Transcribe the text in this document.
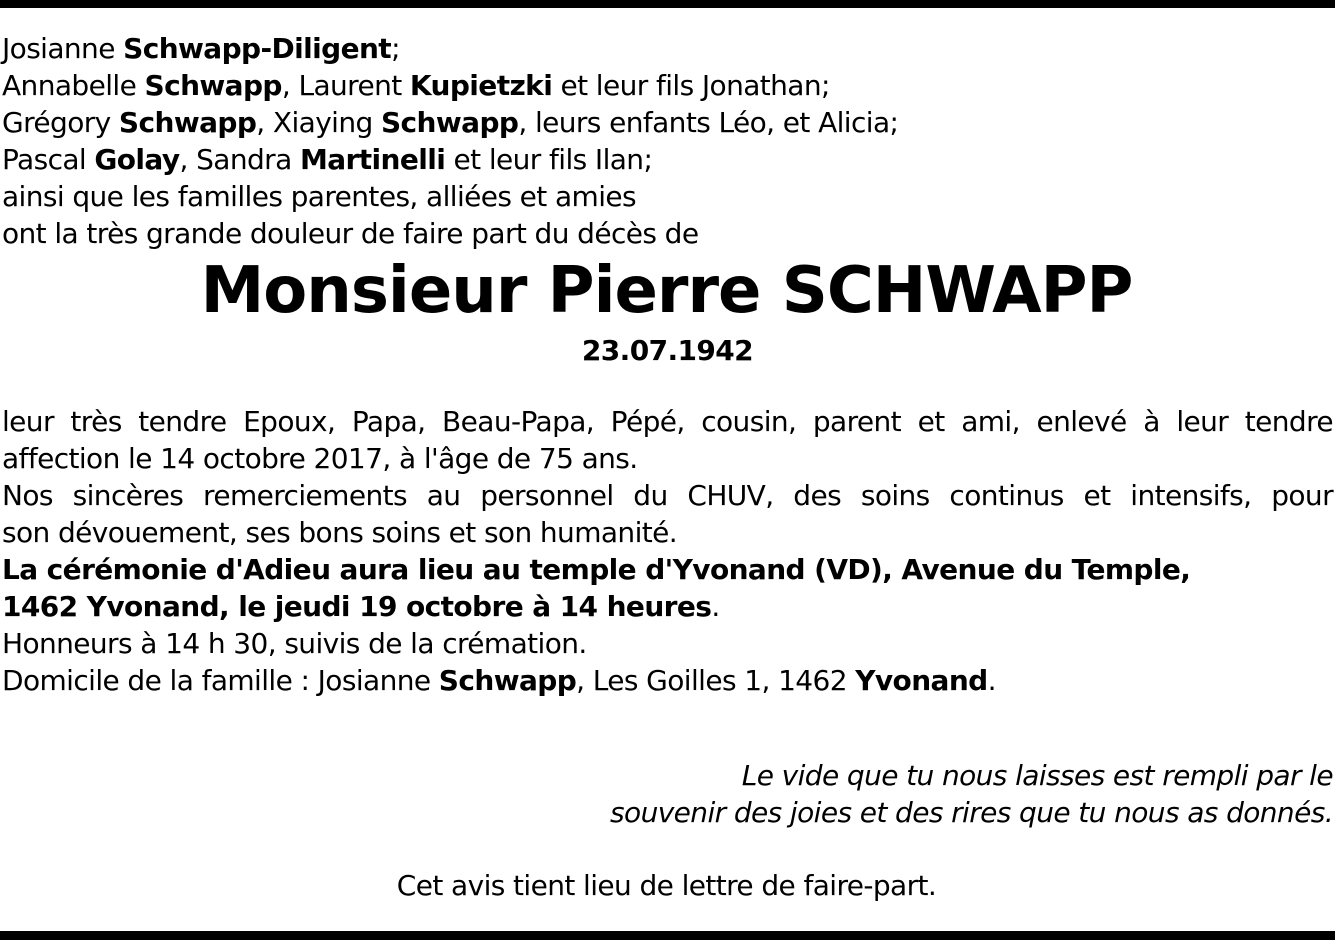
Josianne Schwapp-Diligent;
Annabelle Schwapp, Laurent Kupietzki et leur fils Jonathan;
Grégory Schwapp, Xiaying Schwapp, leurs enfants Léo, et Alicia;
Pascal Golay, Sandra Martinelli et leur fils Ilan;
ainsi que les familles parentes, alliées et amies
ont la très grande douleur de faire part du décès de
Monsieur Pierre SCHWAPP
23.07.1942
leur très tendre Epoux, Papa, Beau-Papa, Pépé, cousin, parent et ami, enlevé à leur tendre
affection le 14 octobre 2017, à l'âge de 75 ans.
Nos sincères remerciements au personnel du CHUV, des soins continus et intensifs, pour
son dévouement, ses bons soins et son humanité.
La cérémonie d'Adieu aura lieu au temple d'Yvonand (VD), Avenue du Temple,
1462 Yvonand, le jeudi 19 octobre à 14 heures.
Honneurs à 14 h 30, suivis de la crémation.
Domicile de la famille : Josianne Schwapp, Les Goilles 1, 1462 Yvonand.
Le vide que tu nous laisses est rempli par le
souvenir des joies et des rires que tu nous as donnés.
Cet avis tient lieu de lettre de faire-part.
